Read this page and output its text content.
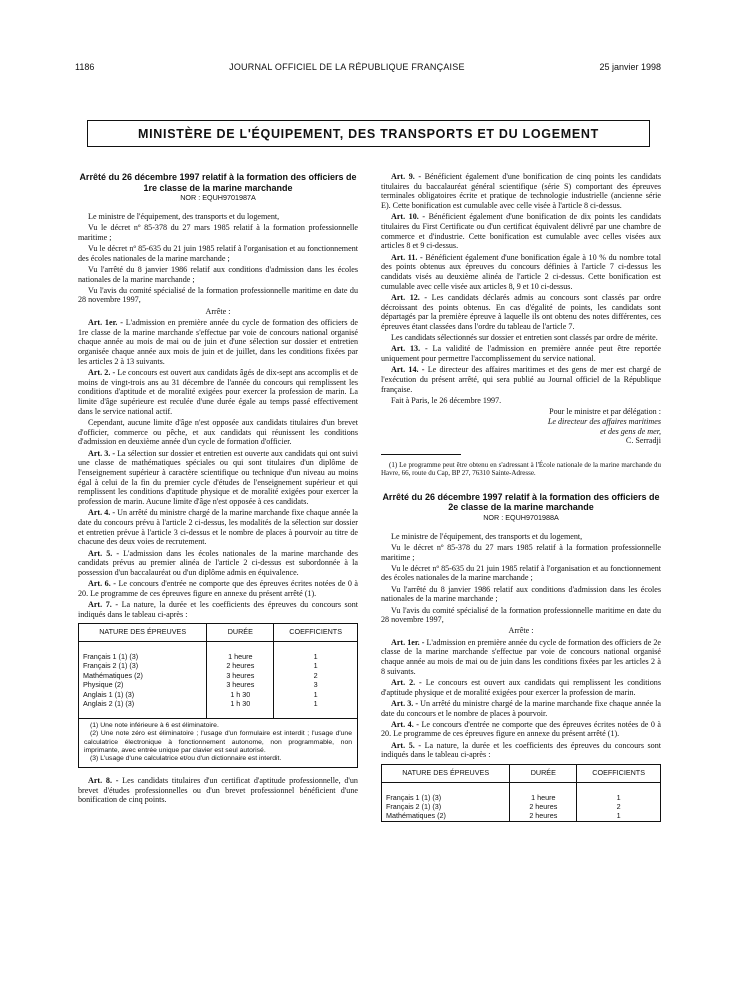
1186	JOURNAL OFFICIEL DE LA RÉPUBLIQUE FRANÇAISE	25 janvier 1998
MINISTÈRE DE L'ÉQUIPEMENT, DES TRANSPORTS ET DU LOGEMENT
Arrêté du 26 décembre 1997 relatif à la formation des officiers de 1re classe de la marine marchande
NOR : EQUH9701987A

Le ministre de l'équipement, des transports et du logement,

Vu le décret nº 85-378 du 27 mars 1985 relatif à la formation professionnelle maritime ;

Vu le décret nº 85-635 du 21 juin 1985 relatif à l'organisation et au fonctionnement des écoles nationales de la marine marchande ;

Vu l'arrêté du 8 janvier 1986 relatif aux conditions d'admission dans les écoles nationales de la marine marchande ;

Vu l'avis du comité spécialisé de la formation professionnelle maritime en date du 28 novembre 1997,

Arrête :

Art. 1er. - L'admission en première année du cycle de formation des officiers de 1re classe de la marine marchande s'effectue par voie de concours national organisé chaque année au mois de mai ou de juin et d'une sélection sur dossier et entretien organisée chaque année aux mois de juin et de juillet, dans les conditions fixées par les articles 2 à 13 suivants.

Art. 2. - Le concours est ouvert aux candidats âgés de dix-sept ans accomplis et de moins de vingt-trois ans au 31 décembre de l'année du concours qui remplissent les conditions d'aptitude et de moralité exigées pour exercer la profession de marin. La limite d'âge supérieure est reculée d'une durée égale au temps passé effectivement dans le service national actif.

Cependant, aucune limite d'âge n'est opposée aux candidats titulaires d'un brevet d'officier, commerce ou pêche, et aux candidats qui réunissent les conditions d'admission en deuxième année d'un cycle de formation d'officier.

Art. 3. - La sélection sur dossier et entretien est ouverte aux candidats qui ont suivi une classe de mathématiques spéciales ou qui sont titulaires d'un diplôme de l'enseignement supérieur à caractère scientifique ou technique d'un niveau au moins égal à celui de la fin du premier cycle d'études de l'enseignement supérieur et qui remplissent les conditions d'aptitude physique et de moralité exigées pour exercer la profession de marin. Aucune limite d'âge n'est opposée à ces candidats.

Art. 4. - Un arrêté du ministre chargé de la marine marchande fixe chaque année la date du concours prévu à l'article 2 ci-dessus, les modalités de la sélection sur dossier et entretien prévue à l'article 3 ci-dessus et le nombre de places à pourvoir au titre de chacune des deux voies de recrutement.

Art. 5. - L'admission dans les écoles nationales de la marine marchande des candidats prévus au premier alinéa de l'article 2 ci-dessus est subordonnée à la possession d'un baccalauréat ou d'un diplôme admis en équivalence.

Art. 6. - Le concours d'entrée ne comporte que des épreuves écrites notées de 0 à 20. Le programme de ces épreuves figure en annexe du présent arrêté (1).

Art. 7. - La nature, la durée et les coefficients des épreuves du concours sont indiqués dans le tableau ci-après :

NATURE DES ÉPREUVES	DURÉE	COEFFICIENTS

Français 1 (1) (3)	1 heure	1
Français 2 (1) (3)	2 heures	1
Mathématiques (2)	3 heures	2
Physique (2)	3 heures	3
Anglais 1 (1) (3)	1 h 30	1
Anglais 2 (1) (3)	1 h 30	1

(1) Une note inférieure à 6 est éliminatoire.
(2) Une note zéro est éliminatoire ; l'usage d'un formulaire est interdit ; l'usage d'une calculatrice électronique à fonctionnement autonome, non programmable, non imprimante, avec entrée unique par clavier est seul autorisé.
(3) L'usage d'une calculatrice et/ou d'un dictionnaire est interdit.

Art. 8. - Les candidats titulaires d'un certificat d'aptitude professionnelle, d'un brevet d'études professionnelles ou d'un brevet professionnel bénéficient d'une bonification de cinq points.

Art. 9. - Bénéficient également d'une bonification de cinq points les candidats titulaires du baccalauréat général scientifique (série S) comportant des épreuves terminales obligatoires écrite et pratique de technologie industrielle (ancienne série E). Cette bonification est cumulable avec celle visée à l'article 8 ci-dessus.

Art. 10. - Bénéficient également d'une bonification de dix points les candidats titulaires du First Certificate ou d'un certificat équivalent délivré par une chambre de commerce et d'industrie. Cette bonification est cumulable avec celles visées aux articles 8 et 9 ci-dessus.

Art. 11. - Bénéficient également d'une bonification égale à 10 % du nombre total des points obtenus aux épreuves du concours définies à l'article 7 ci-dessus les candidats visés au deuxième alinéa de l'article 2 ci-dessus. Cette bonification est cumulable avec celle visée aux articles 8, 9 et 10 ci-dessus.

Art. 12. - Les candidats déclarés admis au concours sont classés par ordre décroissant des points obtenus. En cas d'égalité de points, les candidats sont départagés par la première épreuve à laquelle ils ont obtenu des notes différentes, ces épreuves étant classées dans l'ordre du tableau de l'article 7.

Les candidats sélectionnés sur dossier et entretien sont classés par ordre de mérite.

Art. 13. - La validité de l'admission en première année peut être reportée uniquement pour permettre l'accomplissement du service national.

Art. 14. - Le directeur des affaires maritimes et des gens de mer est chargé de l'exécution du présent arrêté, qui sera publié au Journal officiel de la République française.

Fait à Paris, le 26 décembre 1997.

Pour le ministre et par délégation :

Le directeur des affaires maritimes

et des gens de mer,

C. Serradji

(1) Le programme peut être obtenu en s'adressant à l'École nationale de la marine marchande du Havre, 66, route du Cap, BP 27, 76310 Sainte-Adresse.
Arrêté du 26 décembre 1997 relatif à la formation des officiers de 2e classe de la marine marchande
NOR : EQUH9701988A

Le ministre de l'équipement, des transports et du logement,

Vu le décret nº 85-378 du 27 mars 1985 relatif à la formation professionnelle maritime ;

Vu le décret nº 85-635 du 21 juin 1985 relatif à l'organisation et au fonctionnement des écoles nationales de la marine marchande ;

Vu l'arrêté du 8 janvier 1986 relatif aux conditions d'admission dans les écoles nationales de la marine marchande ;

Vu l'avis du comité spécialisé de la formation professionnelle maritime en date du 28 novembre 1997,

Arrête :

Art. 1er. - L'admission en première année du cycle de formation des officiers de 2e classe de la marine marchande s'effectue par voie de concours national organisé chaque année au mois de mai ou de juin dans les conditions fixées par les articles 2 à 8 suivants.

Art. 2. - Le concours est ouvert aux candidats qui remplissent les conditions d'aptitude physique et de moralité exigées pour exercer la profession de marin.

Art. 3. - Un arrêté du ministre chargé de la marine marchande fixe chaque année la date du concours et le nombre de places à pourvoir.

Art. 4. - Le concours d'entrée ne comporte que des épreuves écrites notées de 0 à 20. Le programme de ces épreuves figure en annexe du présent arrêté (1).

Art. 5. - La nature, la durée et les coefficients des épreuves du concours sont indiqués dans le tableau ci-après :

NATURE DES ÉPREUVES	DURÉE	COEFFICIENTS

Français 1 (1) (3)	1 heure	1
Français 2 (1) (3)	2 heures	2
Mathématiques (2)	2 heures	1
